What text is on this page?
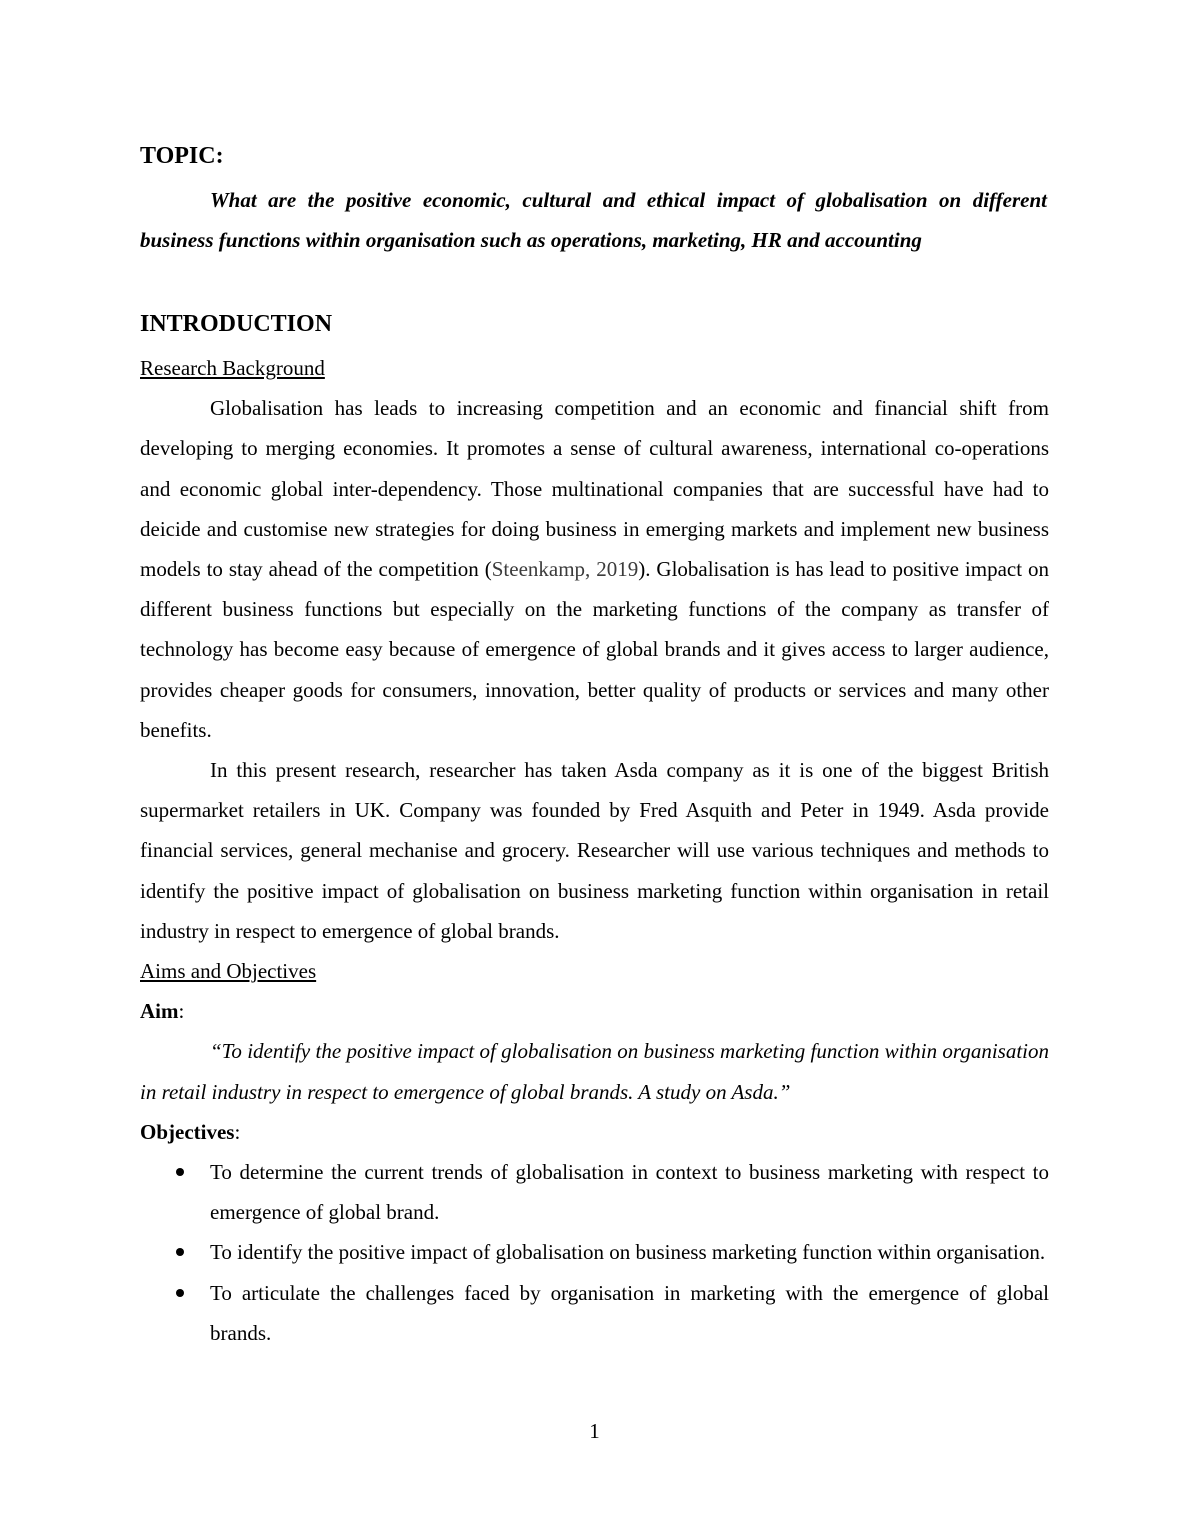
TOPIC:

What are the positive economic, cultural and ethical impact of globalisation on different business functions within organisation such as operations, marketing, HR and accounting

INTRODUCTION

Research Background

Globalisation has leads to increasing competition and an economic and financial shift from developing to merging economies. It promotes a sense of cultural awareness, international co-operations and economic global inter-dependency. Those multinational companies that are successful have had to deicide and customise new strategies for doing business in emerging markets and implement new business models to stay ahead of the competition (Steenkamp, 2019). Globalisation is has lead to positive impact on different business functions but especially on the marketing functions of the company as transfer of technology has become easy because of emergence of global brands and it gives access to larger audience, provides cheaper goods for consumers, innovation, better quality of products or services and many other benefits.

In this present research, researcher has taken Asda company as it is one of the biggest British supermarket retailers in UK. Company was founded by Fred Asquith and Peter in 1949. Asda provide financial services, general mechanise and grocery. Researcher will use various techniques and methods to identify the positive impact of globalisation on business marketing function within organisation in retail industry in respect to emergence of global brands.

Aims and Objectives

Aim:

“To identify the positive impact of globalisation on business marketing function within organisation in retail industry in respect to emergence of global brands. A study on Asda.”

Objectives:

To determine the current trends of globalisation in context to business marketing with respect to emergence of global brand.
To identify the positive impact of globalisation on business marketing function within organisation.
To articulate the challenges faced by organisation in marketing with the emergence of global brands.
1
